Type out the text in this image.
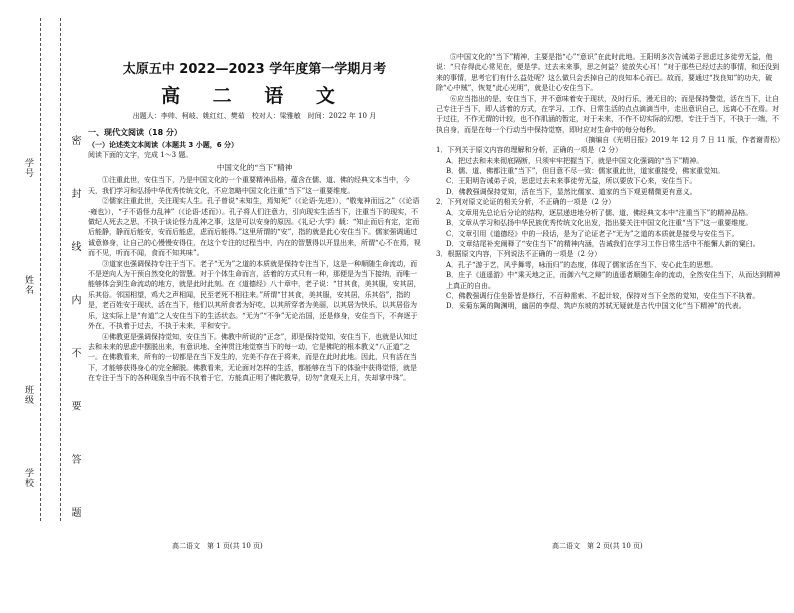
学校
班级
姓名
学号	密 封 线 内 不 要 答 题
太原五中 2022—2023 学年度第一学期月考
高 二 语 文
出题人：李帅、柯岐、姚红红、樊茹　校对人：梁雅敏　时间：2022 年 10 月
一、现代文阅读（18 分）
（一）论述类文本阅读（本题共 3 小题，6 分）

阅读下面的文字，完成 1～3 题。

中国文化的“当下”精神

①注重此世，安住当下，乃是中国文化的一个重要精神品格，蕴含在儒、道、佛的经典文本当中，今天，我们学习和弘扬中华优秀传统文化，不应忽略中国文化注重“当下”这一重要维度。

②儒家注重此世，关注现实人生。孔子曾说“未知生，焉知死”（《论语·先进》），“敬鬼神而远之”（《论语·雍也》），“子不语怪力乱神”（《论语·述而》）。孔子将人们注意力，引向现实生活当下，注重当下的现实，不做纪人死去之思，不执于谈论怪力乱神之事，这是可以安身的原因。《礼记·大学》载：“知止而后有定，定而后能静，静而后能安，安而后能虑，虑而后能得。”这里所谓的“安”，指的就是此心安住当下。儒家强调通过诚意修身，让自己的心慢慢安得住，在这个专注的过程当中，内在的智慧得以开显出来，所谓“心不在焉，视而不见，听而不闻，食而不知其味”。

③道家也强调保持专注于当下。老子“无为”之道的本质就是保持专注当下，这是一种顺随生命流动，而不是逆向人为干预自然变化的智慧。对于个体生命而言，活着的方式只有一种，那便是为当下接纳，而唯一能够体会到生命流动的地方，就是此时此刻。在《道德经》八十章中，老子说：“甘其食，美其服，安其居，乐其俗。邻国相望，鸡犬之声相闻，民至老死不相往来。”所谓“甘其食，美其服，安其居，乐其俗”，指的是，老百姓安于现状，活在当下，他们以其所食者为好吃，以其所穿者为美丽，以其居为快乐，以其居俗为乐，这实际上是“有道”之人安住当下的生活状态。“无为”“不争”无论治国，还是修身，安住当下，不奔逐于外在，不执着于过去，不执于未来，平和安宁。

④佛教更是强调保持觉知，安住当下。佛教中所说的“正念”，即是保持觉知，安住当下，也就是认知过去和未来的思虑中摆脱出来，有意识地、全神贯注地觉察当下的每一动，它是佛陀的根本教义“八正道”之一。在佛教看来，所有的一切都是在当下发生的，完美不存在于将来，而是在此时此地。因此，只有活在当下，才能够获得身心的完全解脱。佛教看来，无论面对怎样的生活，都能够在当下的体验中获得觉悟，就是在专注于当下的各种现象当中而不执着于它，方能真正明了佛陀教导，切勿“贪观天上月，失却掌中珠”。

高二语文　第 1 页(共 10 页)

⑤中国文化的“当下”精神，主要是指“心”“意识”在此时此地。王阳明多次告诫弟子思虑过多徒劳无益，他说：“只存得此心常见在，便是学。过去未来事，思之何益？徒放失心耳！”对于那些已经过去的事情，和还没到来的事情，思考它们有什么益处呢？这么做只会丢掉自己的良知本心而已。故而，要通过“找良知”的功夫，破除“心中贼”，恢复“此心光明”，就是让心安住当下。

⑥应当指出的是，安住当下，并不意味着安于现状，及时行乐，漫无目的；而是保持警觉，活在当下，让自己专注于当下，即人活着的方式，在学习、工作、日常生活的点点滴滴当中，走出意识自己，远离心不在焉。对于过往，不作无谓的计较，也不作肌涵的暂定，对于未来，不作不切实际的幻想，专注于当下，不执于一端，不执自身，而是在每一个行动当中保持觉察，即时应对生命中的每分每秒。

（摘编自《光明日报》2019 年 12 月 7 日 11 版，作者谢青松）

1．下列关于原文内容的理解和分析，正确的一项是（2 分）

A．把过去和未来彻底隔断，只须牢牢把握当下，就是中国文化强调的“当下”精神。

B．儒、道、佛都注重“当下”，但目意不尽一致：儒家重此世，道家重接受，佛家重觉知。

C．王阳明告诫弟子说，思虑过去未来事徒劳无益，所以要放下心来，安住当下。

D．佛教强调保持觉知，活在当下，显然比儒家、道家的当下观更精微更有意义。

2．下列对原文论证的相关分析，不正确的一项是（2 分）

A．文章用先总论后分论的结构，逐层递进地分析了儒、道、佛经典文本中“注重当下”的精神品格。

B．文章从学习和弘扬中华民族优秀传统文化出发，指出要关注中国文化注重“当下”这一重要维度。

C．文章引用《道德经》中的一段话，是为了论证老子“无为”之道的本质就是接受与安住当下。

D．文章结尾补充阐释了“安住当下”的精神内涵，告诫我们在学习工作日常生活中不能懈人新的窠臼。

3．根据原文内容，下列说法不正确的一项是（2 分）

A．孔子“游于艺，风乎舞雩，咏而归”的态度，体现了儒家活在当下、安心此生的思想。

B．庄子《逍遥游》中“乘天地之正，而御六气之辩”的逍遥者顺随生命的流动，全然安住当下，从而达到精神上真正的自由。

C．佛教强调行住坐卧皆是修行，不百种需索、不起计较，保持对当下全然的觉知，安住当下不执着。

D．采菊东篱的陶渊明，幽居的李煜、筑庐东坡的苏轼无疑就是古代中国文化“当下精神”的代表。

高二语文　第 2 页(共 10 页)
